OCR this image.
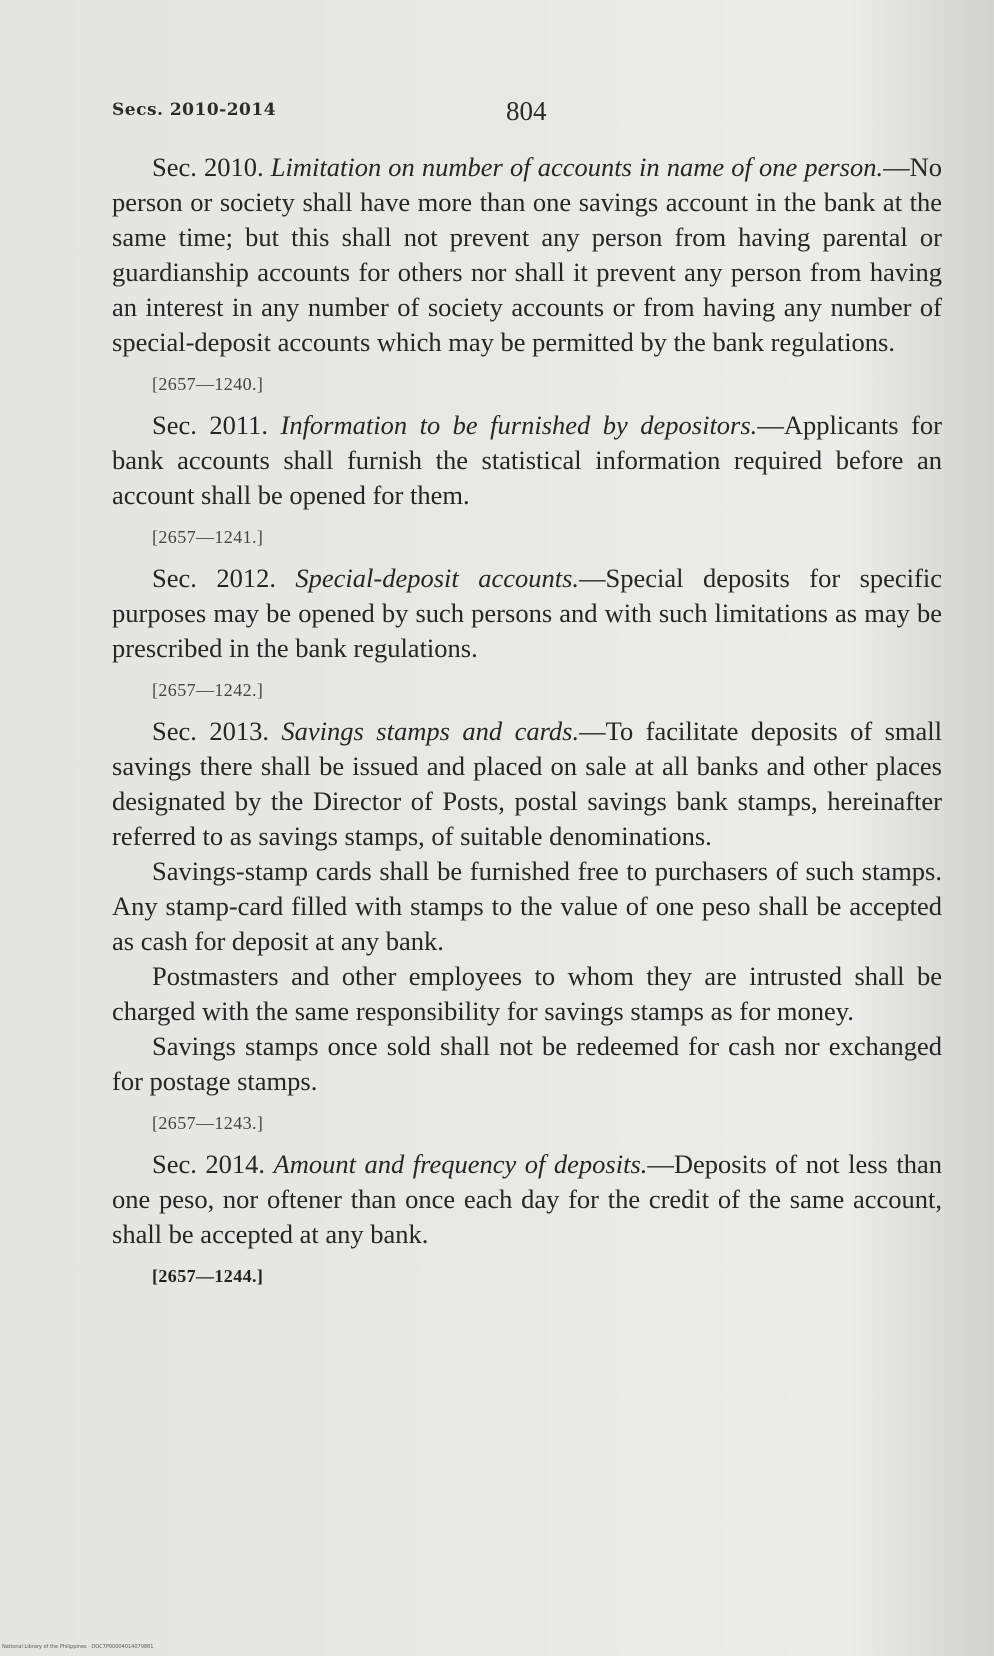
Secs. 2010-2014	804

Sec. 2010. Limitation on number of accounts in name of one person.—No person or society shall have more than one savings account in the bank at the same time; but this shall not prevent any person from having parental or guardianship accounts for others nor shall it prevent any person from having an interest in any number of society accounts or from having any number of special-deposit accounts which may be permitted by the bank regulations.

[2657—1240.]

Sec. 2011. Information to be furnished by depositors.—Applicants for bank accounts shall furnish the statistical information required before an account shall be opened for them.

[2657—1241.]

Sec. 2012. Special-deposit accounts.—Special deposits for specific purposes may be opened by such persons and with such limitations as may be prescribed in the bank regulations.

[2657—1242.]

Sec. 2013. Savings stamps and cards.—To facilitate deposits of small savings there shall be issued and placed on sale at all banks and other places designated by the Director of Posts, postal savings bank stamps, hereinafter referred to as savings stamps, of suitable denominations.

Savings-stamp cards shall be furnished free to purchasers of such stamps. Any stamp-card filled with stamps to the value of one peso shall be accepted as cash for deposit at any bank.

Postmasters and other employees to whom they are intrusted shall be charged with the same responsibility for savings stamps as for money.

Savings stamps once sold shall not be redeemed for cash nor exchanged for postage stamps.

[2657—1243.]

Sec. 2014. Amount and frequency of deposits.—Deposits of not less than one peso, nor oftener than once each day for the credit of the same account, shall be accepted at any bank.

[2657—1244.]

National Library of the Philippines · DOC7P00004014079881
